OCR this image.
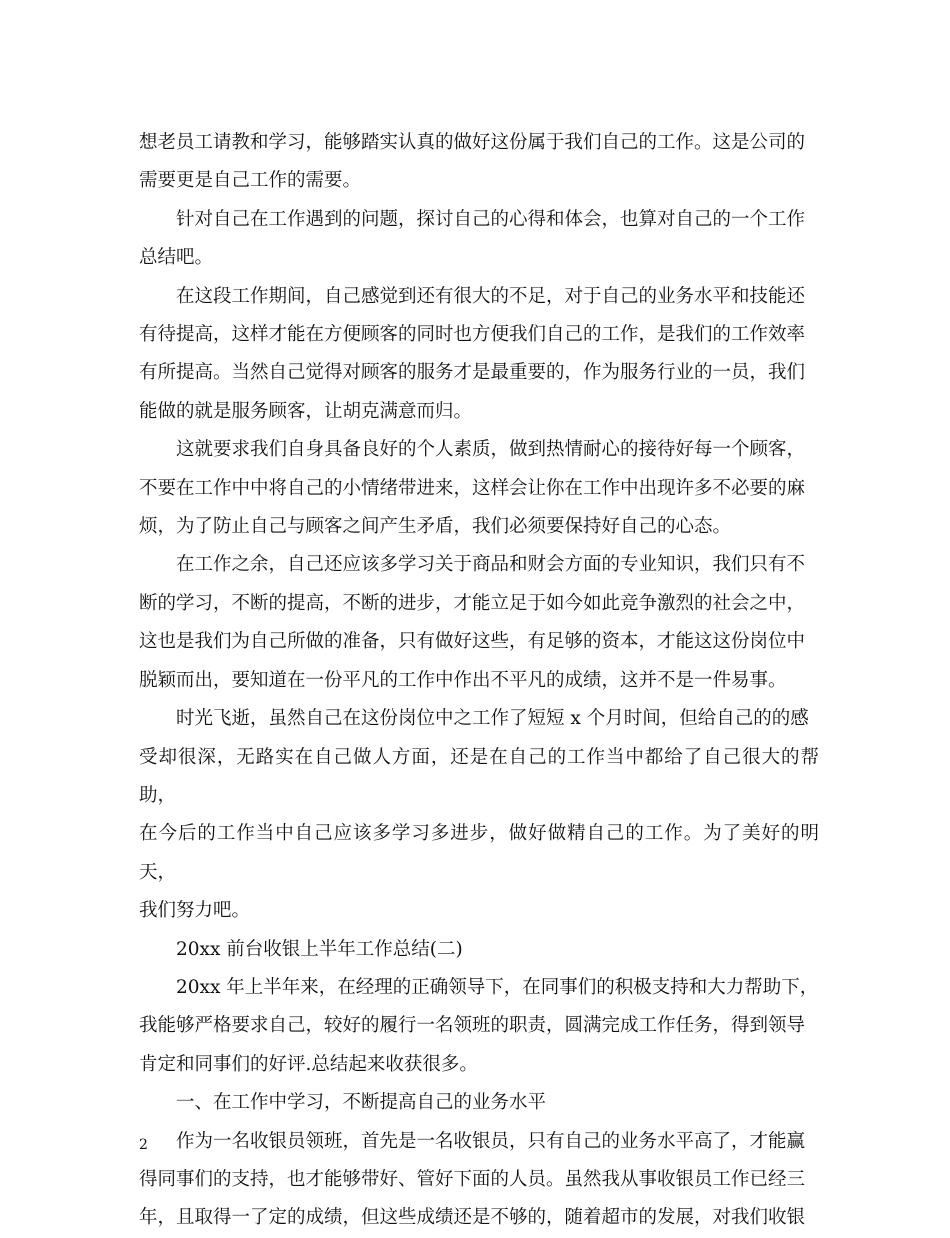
想老员工请教和学习，能够踏实认真的做好这份属于我们自己的工作。这是公司的
需要更是自己工作的需要。

针对自己在工作遇到的问题，探讨自己的心得和体会，也算对自己的一个工作
总结吧。

在这段工作期间，自己感觉到还有很大的不足，对于自己的业务水平和技能还
有待提高，这样才能在方便顾客的同时也方便我们自己的工作，是我们的工作效率
有所提高。当然自己觉得对顾客的服务才是最重要的，作为服务行业的一员，我们
能做的就是服务顾客，让胡克满意而归。

这就要求我们自身具备良好的个人素质，做到热情耐心的接待好每一个顾客，
不要在工作中中将自己的小情绪带进来，这样会让你在工作中出现许多不必要的麻
烦，为了防止自己与顾客之间产生矛盾，我们必须要保持好自己的心态。

在工作之余，自己还应该多学习关于商品和财会方面的专业知识，我们只有不
断的学习，不断的提高，不断的进步，才能立足于如今如此竞争激烈的社会之中，
这也是我们为自己所做的准备，只有做好这些，有足够的资本，才能这这份岗位中
脱颖而出，要知道在一份平凡的工作中作出不平凡的成绩，这并不是一件易事。

时光飞逝，虽然自己在这份岗位中之工作了短短 x 个月时间，但给自己的的感
受却很深，无路实在自己做人方面，还是在自己的工作当中都给了自己很大的帮助，
在今后的工作当中自己应该多学习多进步，做好做精自己的工作。为了美好的明天，
我们努力吧。

20xx 前台收银上半年工作总结(二)

20xx 年上半年来，在经理的正确领导下，在同事们的积极支持和大力帮助下，
我能够严格要求自己，较好的履行一名领班的职责，圆满完成工作任务，得到领导
肯定和同事们的好评.总结起来收获很多。

一、在工作中学习，不断提高自己的业务水平

作为一名收银员领班，首先是一名收银员，只有自己的业务水平高了，才能赢
得同事们的支持，也才能够带好、管好下面的人员。虽然我从事收银员工作已经三
年，且取得一了定的成绩，但这些成绩还是不够的，随着超市的发展，对我们收银

2
